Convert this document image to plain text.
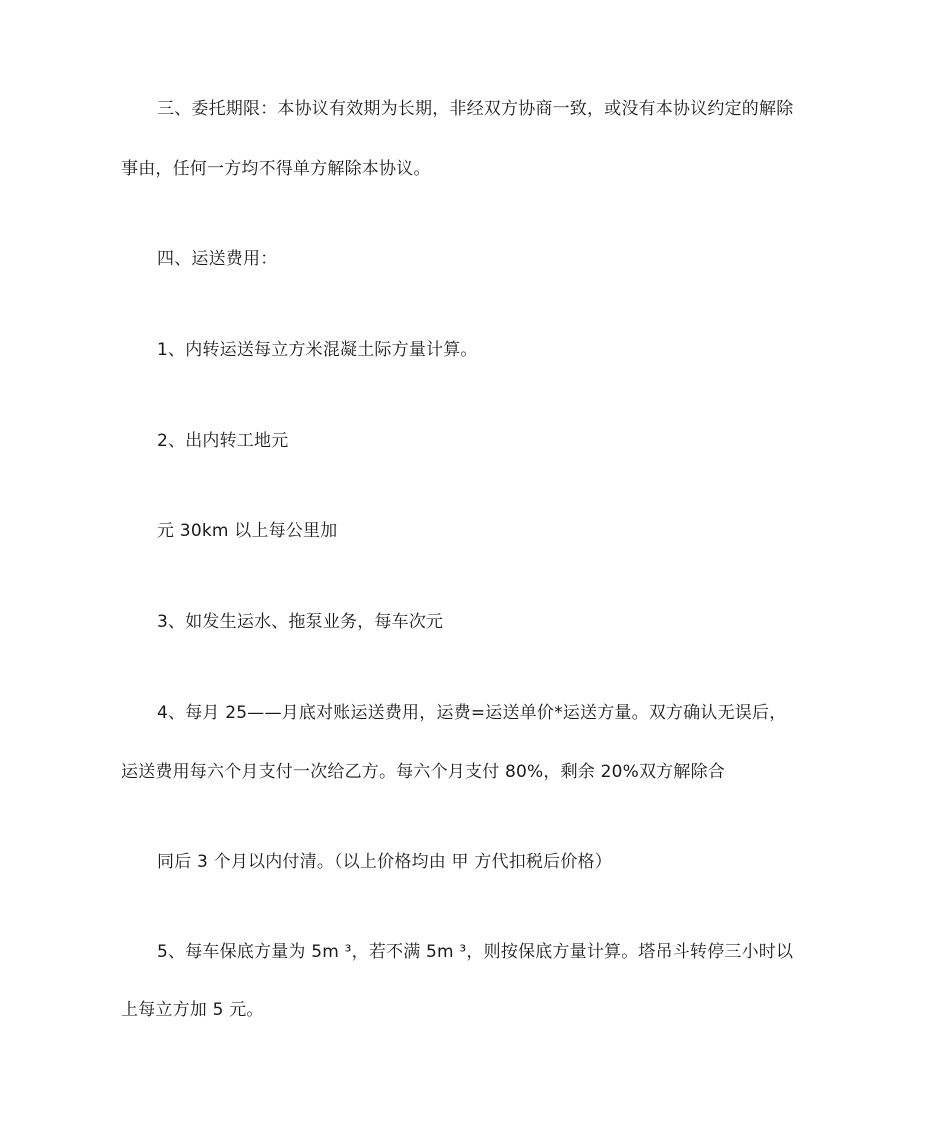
三、委托期限：本协议有效期为长期，非经双方协商一致，或没有本协议约定的解除
事由，任何一方均不得单方解除本协议。
四、运送费用：
1、内转运送每立方米混凝土际方量计算。
2、出内转工地元
元 30km 以上每公里加
3、如发生运水、拖泵业务，每车次元
4、每月 25——月底对账运送费用，运费=运送单价*运送方量。双方确认无误后，
运送费用每六个月支付一次给乙方。每六个月支付 80%，剩余 20%双方解除合
同后 3 个月以内付清。（以上价格均由 甲 方代扣税后价格）
5、每车保底方量为 5m ³，若不满 5m ³，则按保底方量计算。塔吊斗转停三小时以
上每立方加 5 元。
